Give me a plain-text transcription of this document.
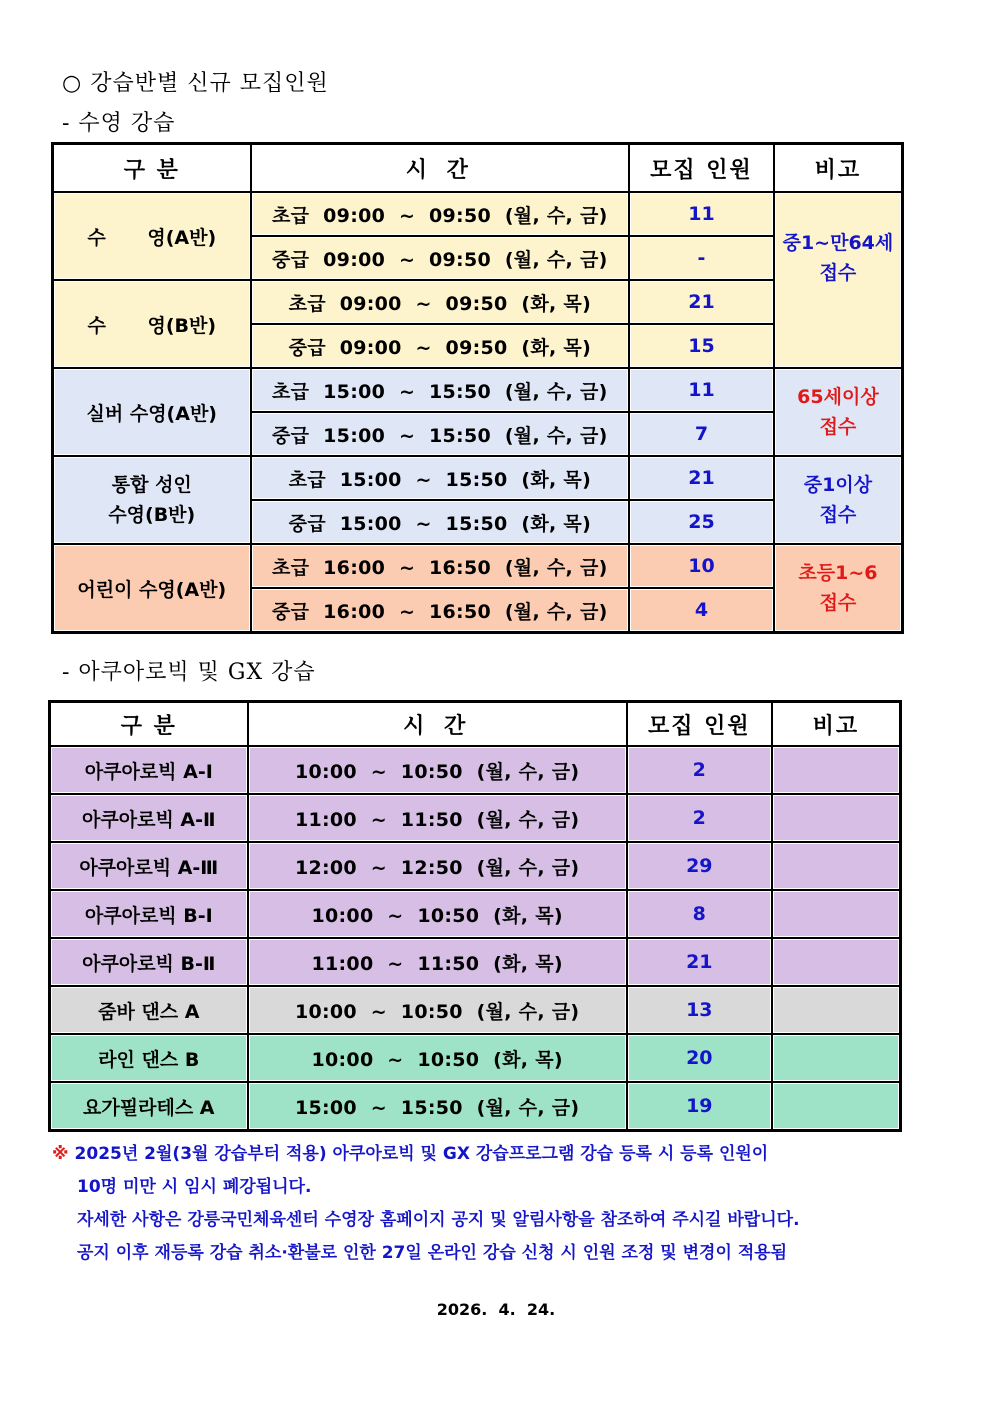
○ 강습반별 신규 모집인원
- 수영 강습
구 분	시 간	모집 인원	비고
수 영(A반)	초급  09:00  ~  09:50  (월, 수, 금)	11	중1~만64세
접수

	중급  09:00  ~  09:50  (월, 수, 금)	-	
수 영(B반)	초급  09:00  ~  09:50  (화, 목)	21	
	중급  09:00  ~  09:50  (화, 목)	15	
실버 수영(A반)	초급  15:00  ~  15:50  (월, 수, 금)	11	65세이상
접수

	중급  15:00  ~  15:50  (월, 수, 금)	7	

통합 성인
수영(B반)
	초급  15:00  ~  15:50  (화, 목)	21	중1이상
접수

	중급  15:00  ~  15:50  (화, 목)	25	
어린이 수영(A반)	초급  16:00  ~  16:50  (월, 수, 금)	10	초등1~6
접수

	중급  16:00  ~  16:50  (월, 수, 금)	4	
- 아쿠아로빅 및 GX 강습
구 분	시 간	모집 인원	비고
아쿠아로빅 A-Ⅰ	10:00  ~  10:50  (월, 수, 금)	2	
아쿠아로빅 A-Ⅱ	11:00  ~  11:50  (월, 수, 금)	2	
아쿠아로빅 A-Ⅲ	12:00  ~  12:50  (월, 수, 금)	29	
아쿠아로빅 B-Ⅰ	10:00  ~  10:50  (화, 목)	8	
아쿠아로빅 B-Ⅱ	11:00  ~  11:50  (화, 목)	21	
줌바 댄스 A	10:00  ~  10:50  (월, 수, 금)	13	
라인 댄스 B	10:00  ~  10:50  (화, 목)	20	
요가필라테스 A	15:00  ~  15:50  (월, 수, 금)	19	
※ 2025년 2월(3월 강습부터 적용) 아쿠아로빅 및 GX 강습프로그램 강습 등록 시 등록 인원이
10명 미만 시 임시 폐강됩니다.
자세한 사항은 강릉국민체육센터 수영장 홈페이지 공지 및 알림사항을 참조하여 주시길 바랍니다.
공지 이후 재등록 강습 취소·환불로 인한 27일 온라인 강습 신청 시 인원 조정 및 변경이 적용됨
2026.  4.  24.
